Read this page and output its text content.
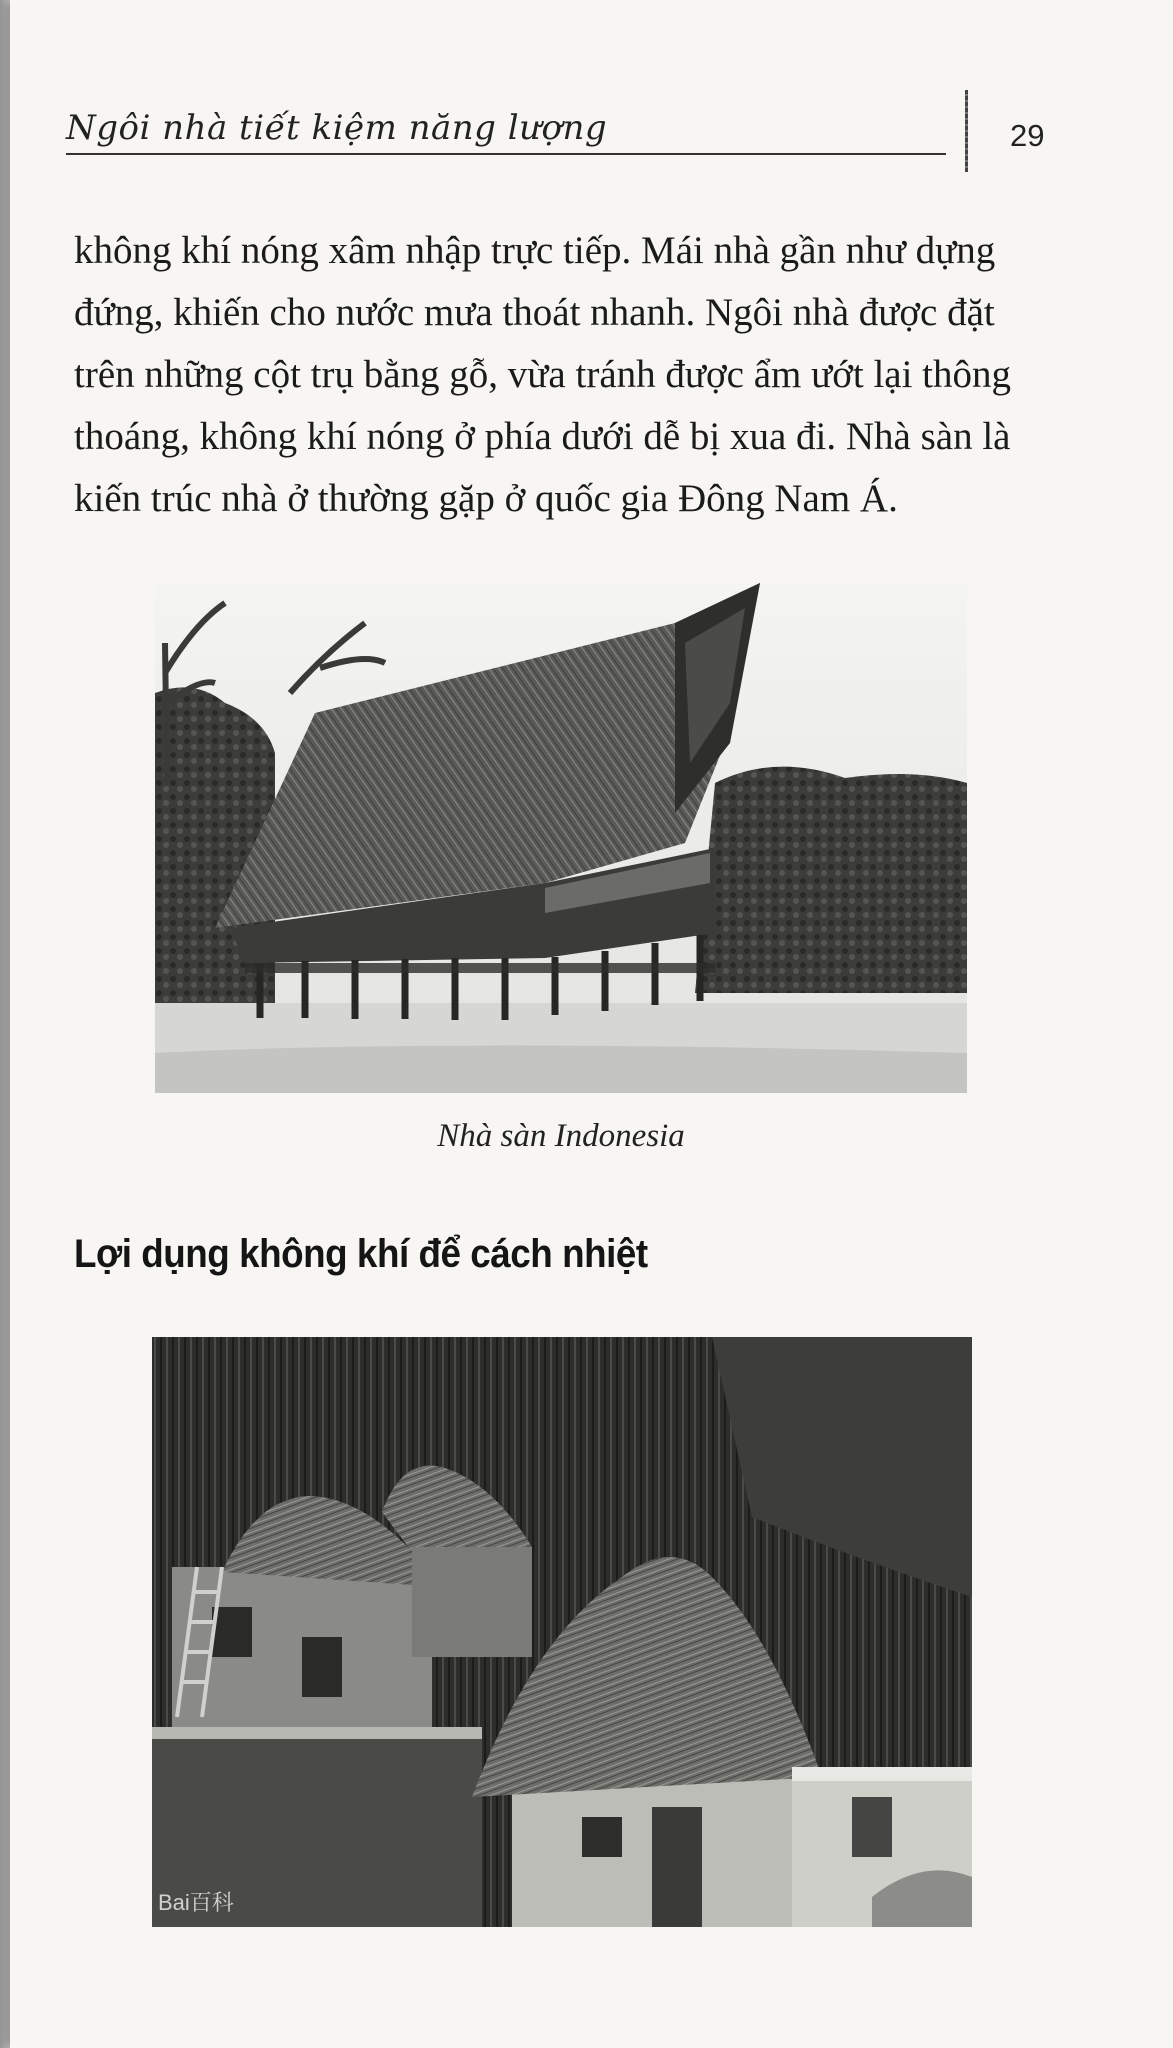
Ngôi nhà tiết kiệm năng lượng	29

không khí nóng xâm nhập trực tiếp. Mái nhà gần như dựng
đứng, khiến cho nước mưa thoát nhanh. Ngôi nhà được đặt
trên những cột trụ bằng gỗ, vừa tránh được ẩm ướt lại thông
thoáng, không khí nóng ở phía dưới dễ bị xua đi. Nhà sàn là
kiến trúc nhà ở thường gặp ở quốc gia Đông Nam Á.

Nhà sàn Indonesia
Lợi dụng không khí để cách nhiệt
Bai百科
